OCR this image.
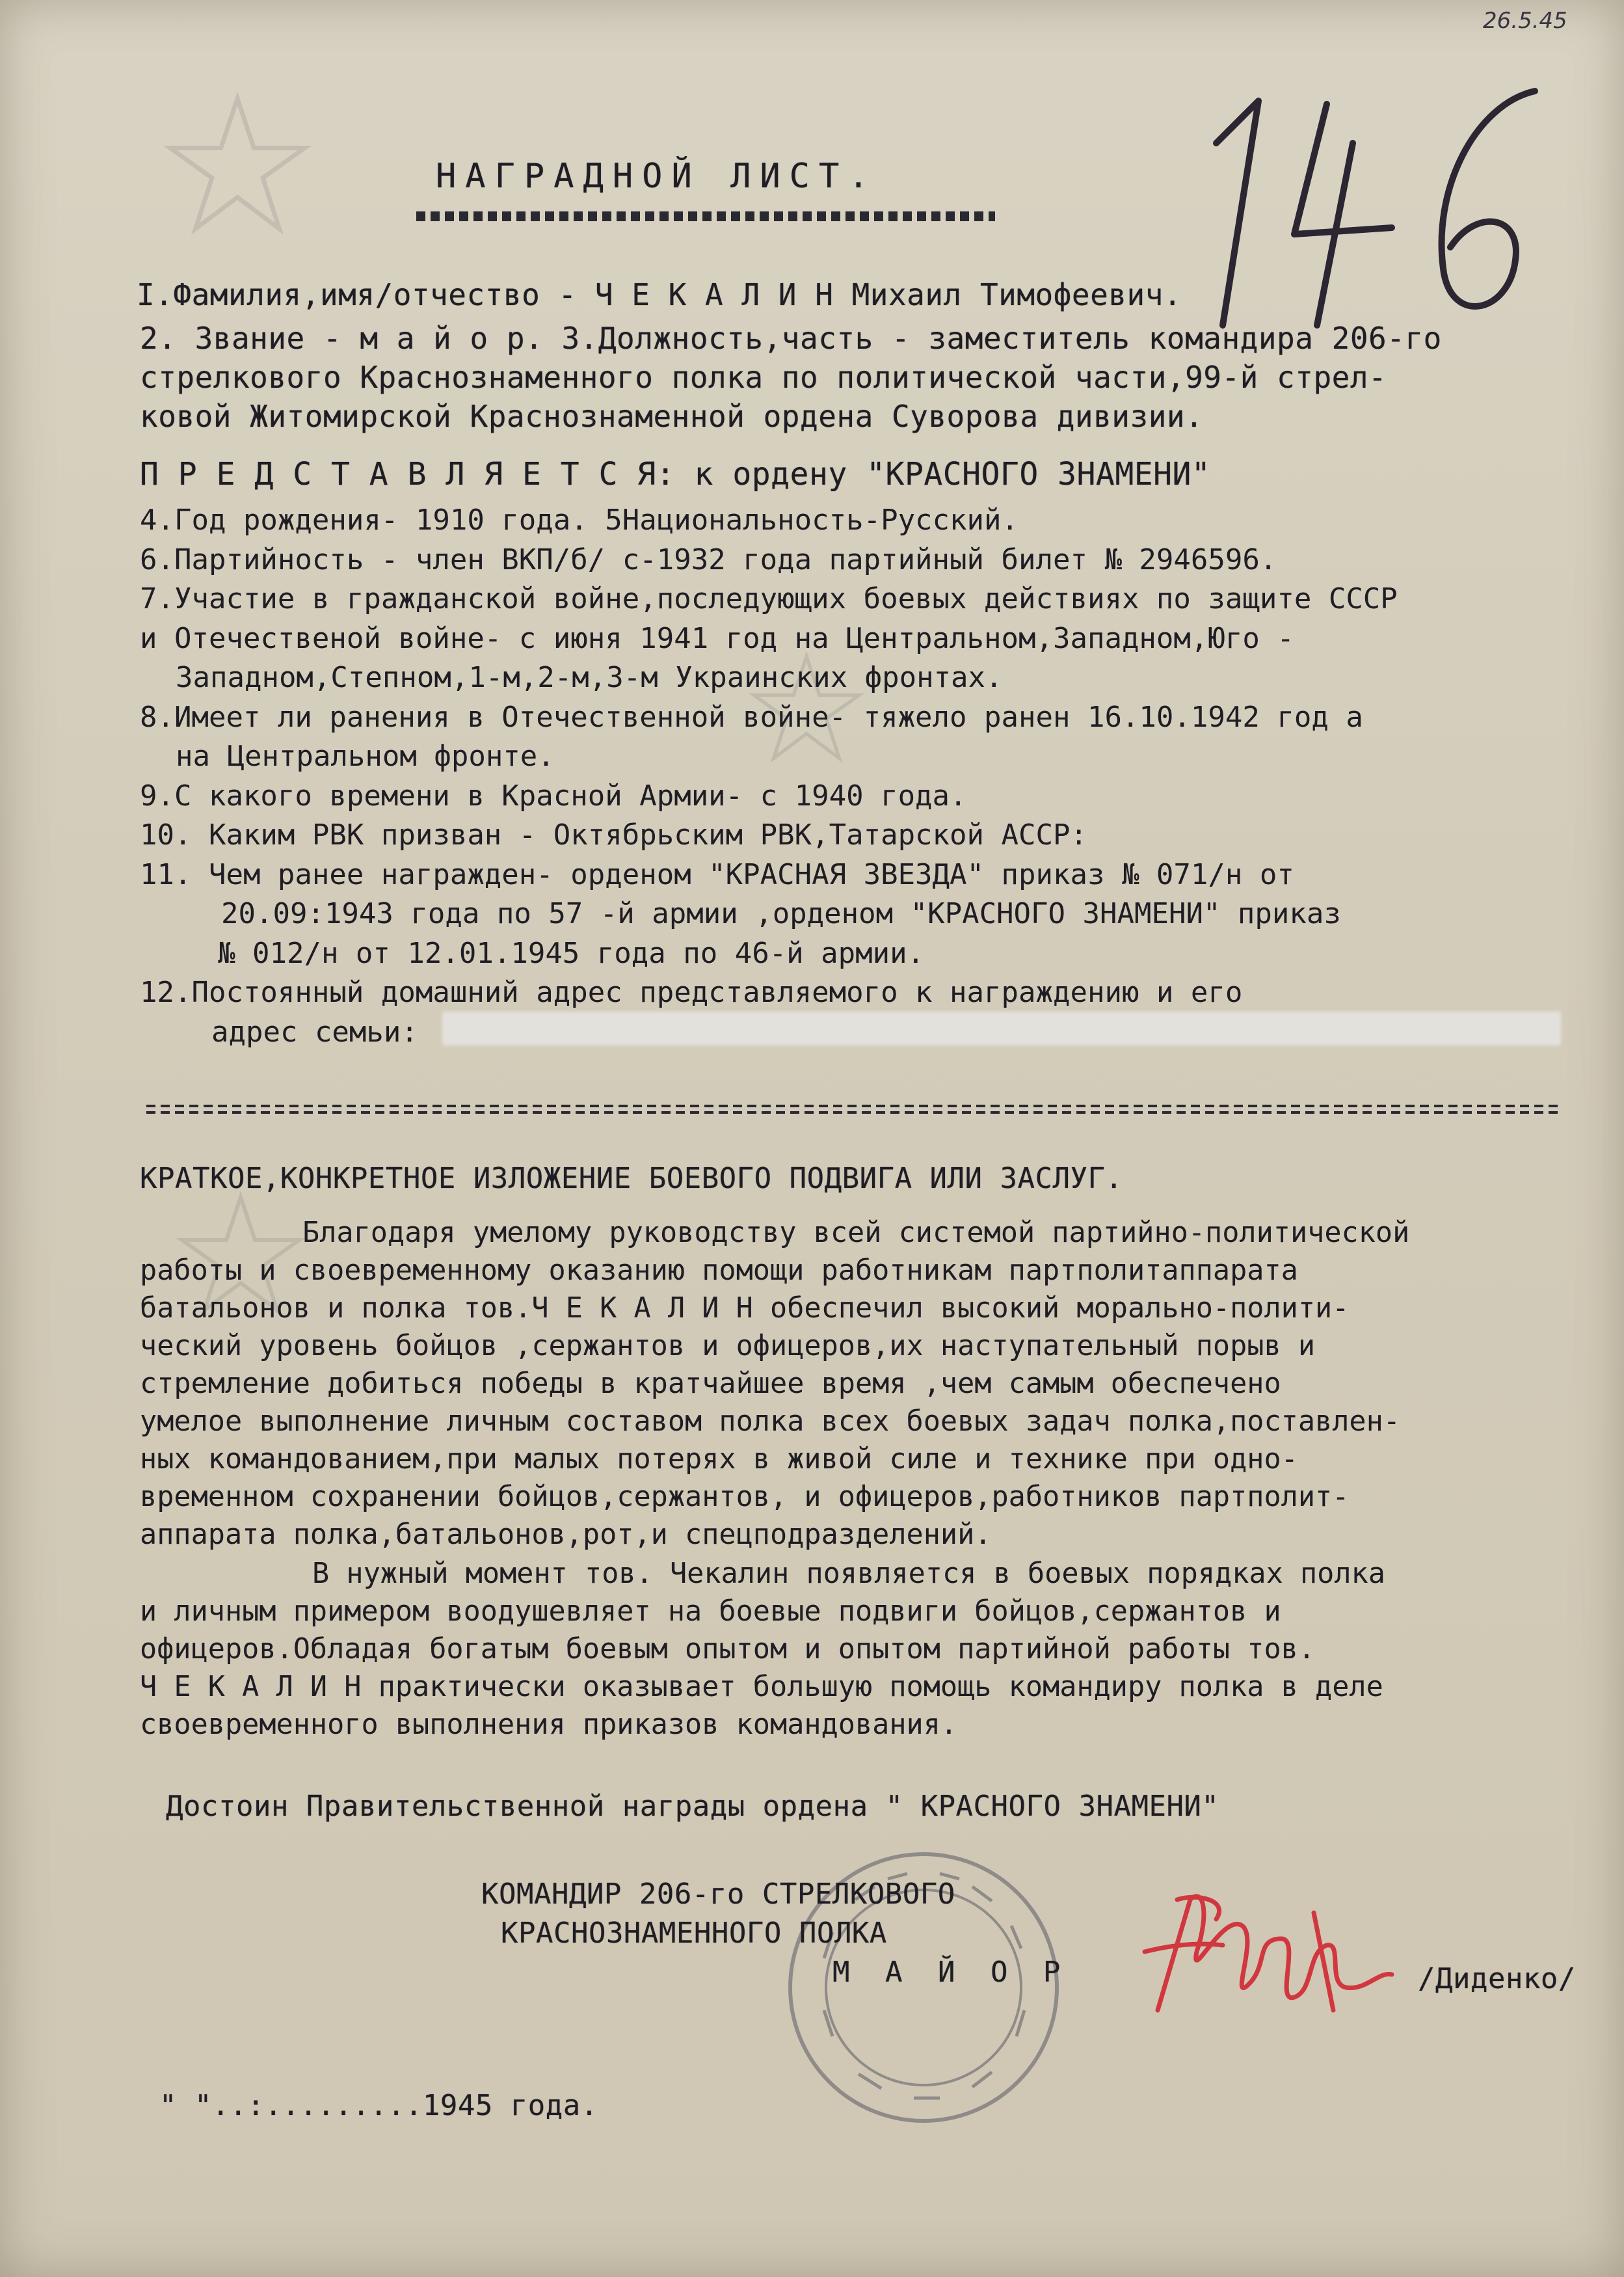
26.5.45
НАГРАДНОЙ ЛИСТ.
I.Фамилия,имя/отчество - Ч Е К А Л И Н Михаил Тимофеевич.
2. Звание - м а й о р. 3.Должность,часть - заместитель командира 206-го
стрелкового Краснознаменного полка по политической части,99-й стрел-
ковой Житомирской Краснознаменной ордена Суворова дивизии.
П Р Е Д С Т А В Л Я Е Т С Я: к ордену "КРАСНОГО ЗНАМЕНИ"
4.Год рождения- 1910 года. 5Национальность-Русский.
6.Партийность - член ВКП/б/ с-1932 года партийный билет № 2946596.
7.Участие в гражданской войне,последующих боевых действиях по защите СССР
и Отечественой войне- с июня 1941 год на Центральном,Западном,Юго -
Западном,Степном,1-м,2-м,3-м Украинских фронтах.
8.Имеет ли ранения в Отечественной войне- тяжело ранен 16.10.1942 год а
на Центральном фронте.
9.С какого времени в Красной Армии- с 1940 года.
10. Каким РВК призван - Октябрьским РВК,Татарской АССР:
11. Чем ранее награжден- орденом "КРАСНАЯ ЗВЕЗДА" приказ № 071/н от
20.09:1943 года по 57 -й армии ,орденом "КРАСНОГО ЗНАМЕНИ" приказ
№ 012/н от 12.01.1945 года по 46-й армии.
12.Постоянный домашний адрес представляемого к награждению и его
адрес семьи:
КРАТКОЕ,КОНКРЕТНОЕ ИЗЛОЖЕНИЕ БОЕВОГО ПОДВИГА ИЛИ ЗАСЛУГ.
Благодаря умелому руководству всей системой партийно-политической
работы и своевременному оказанию помощи работникам партполитаппарата
батальонов и полка тов.Ч Е К А Л И Н обеспечил высокий морально-полити-
ческий уровень бойцов ,сержантов и офицеров,их наступательный порыв и
стремление добиться победы в кратчайшее время ,чем самым обеспечено
умелое выполнение личным составом полка всех боевых задач полка,поставлен-
ных командованием,при малых потерях в живой силе и технике при одно-
временном сохранении бойцов,сержантов, и офицеров,работников партполит-
аппарата полка,батальонов,рот,и спецподразделений.
В нужный момент тов. Чекалин появляется в боевых порядках полка
и личным примером воодушевляет на боевые подвиги бойцов,сержантов и
офицеров.Обладая богатым боевым опытом и опытом партийной работы тов.
Ч Е К А Л И Н практически оказывает большую помощь командиру полка в деле
своевременного выполнения приказов командования.
Достоин Правительственной награды ордена " КРАСНОГО ЗНАМЕНИ"
КОМАНДИР 206-го СТРЕЛКОВОГО
КРАСНОЗНАМЕННОГО ПОЛКА
М А Й О Р	/Диденко/
" "..:.........1945 года.
